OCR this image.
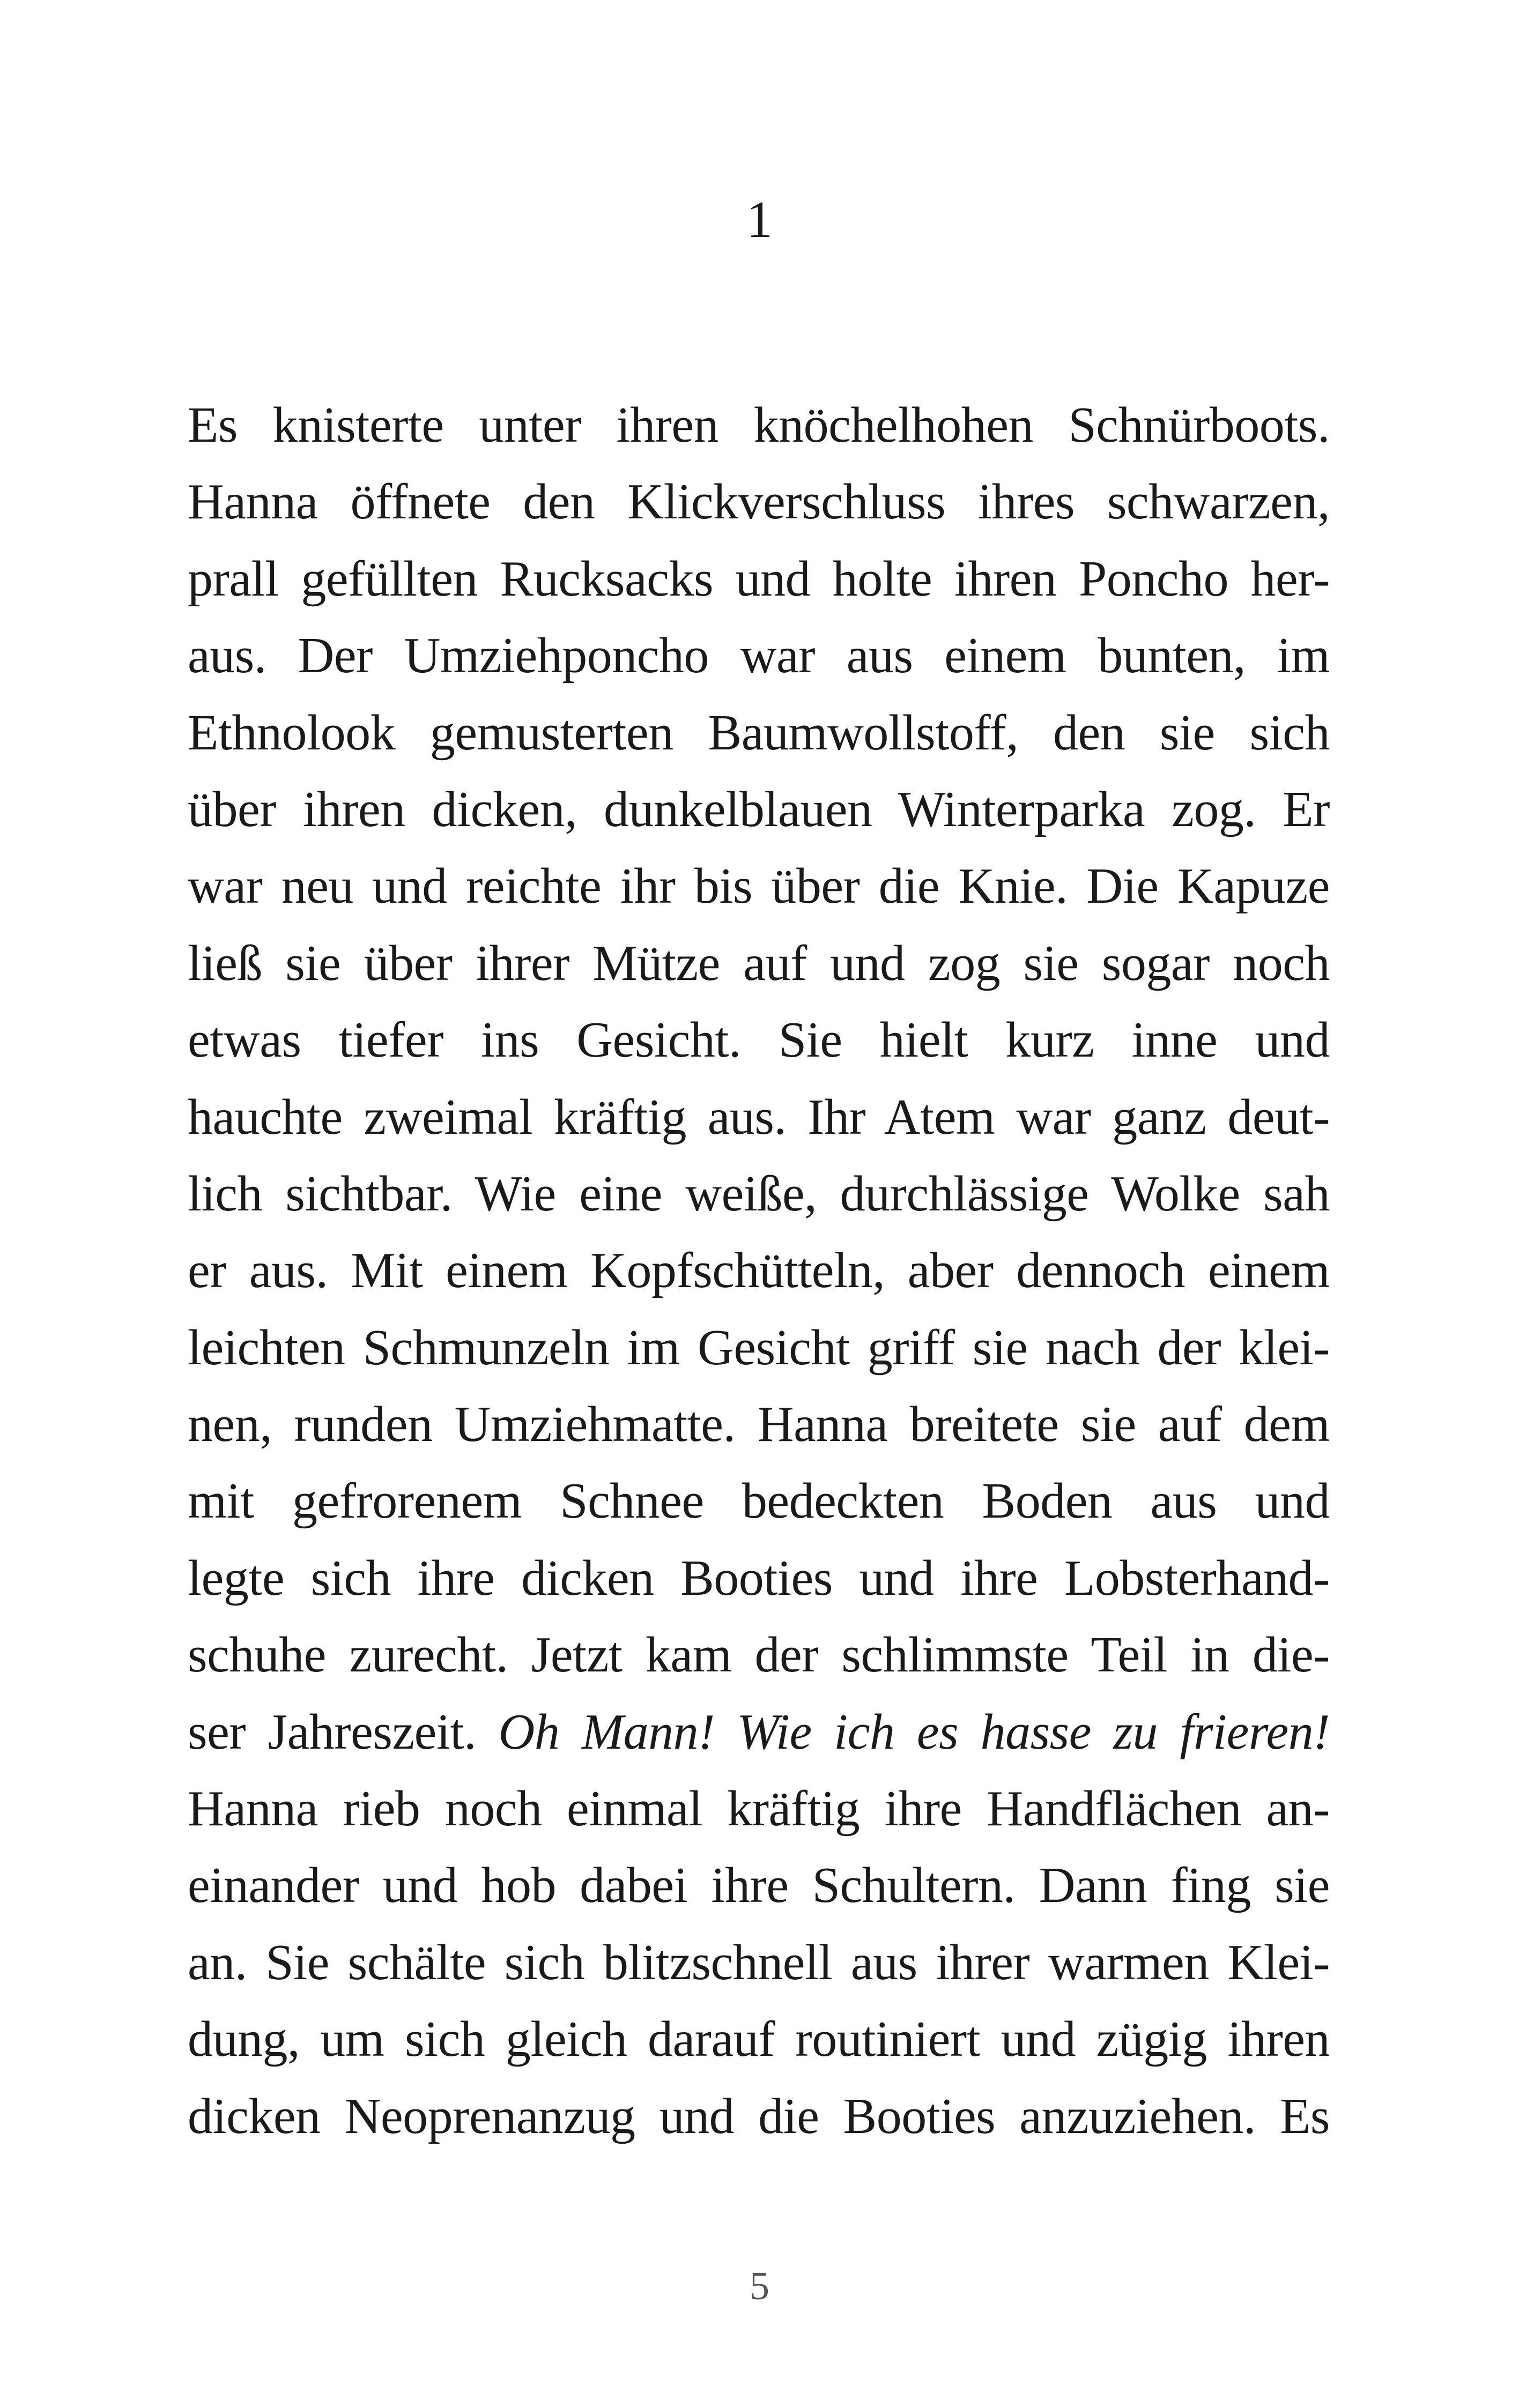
1
Es knisterte unter ihren knöchelhohen Schnürboots.
Hanna öffnete den Klickverschluss ihres schwarzen,
prall gefüllten Rucksacks und holte ihren Poncho her-
aus. Der Umziehponcho war aus einem bunten, im
Ethnolook gemusterten Baumwollstoff, den sie sich
über ihren dicken, dunkelblauen Winterparka zog. Er
war neu und reichte ihr bis über die Knie. Die Kapuze
ließ sie über ihrer Mütze auf und zog sie sogar noch
etwas tiefer ins Gesicht. Sie hielt kurz inne und
hauchte zweimal kräftig aus. Ihr Atem war ganz deut-
lich sichtbar. Wie eine weiße, durchlässige Wolke sah
er aus. Mit einem Kopfschütteln, aber dennoch einem
leichten Schmunzeln im Gesicht griff sie nach der klei-
nen, runden Umziehmatte. Hanna breitete sie auf dem
mit gefrorenem Schnee bedeckten Boden aus und
legte sich ihre dicken Booties und ihre Lobsterhand-
schuhe zurecht. Jetzt kam der schlimmste Teil in die-
ser Jahreszeit. Oh Mann! Wie ich es hasse zu frieren!
Hanna rieb noch einmal kräftig ihre Handflächen an-
einander und hob dabei ihre Schultern. Dann fing sie
an. Sie schälte sich blitzschnell aus ihrer warmen Klei-
dung, um sich gleich darauf routiniert und zügig ihren
dicken Neoprenanzug und die Booties anzuziehen. Es
5
